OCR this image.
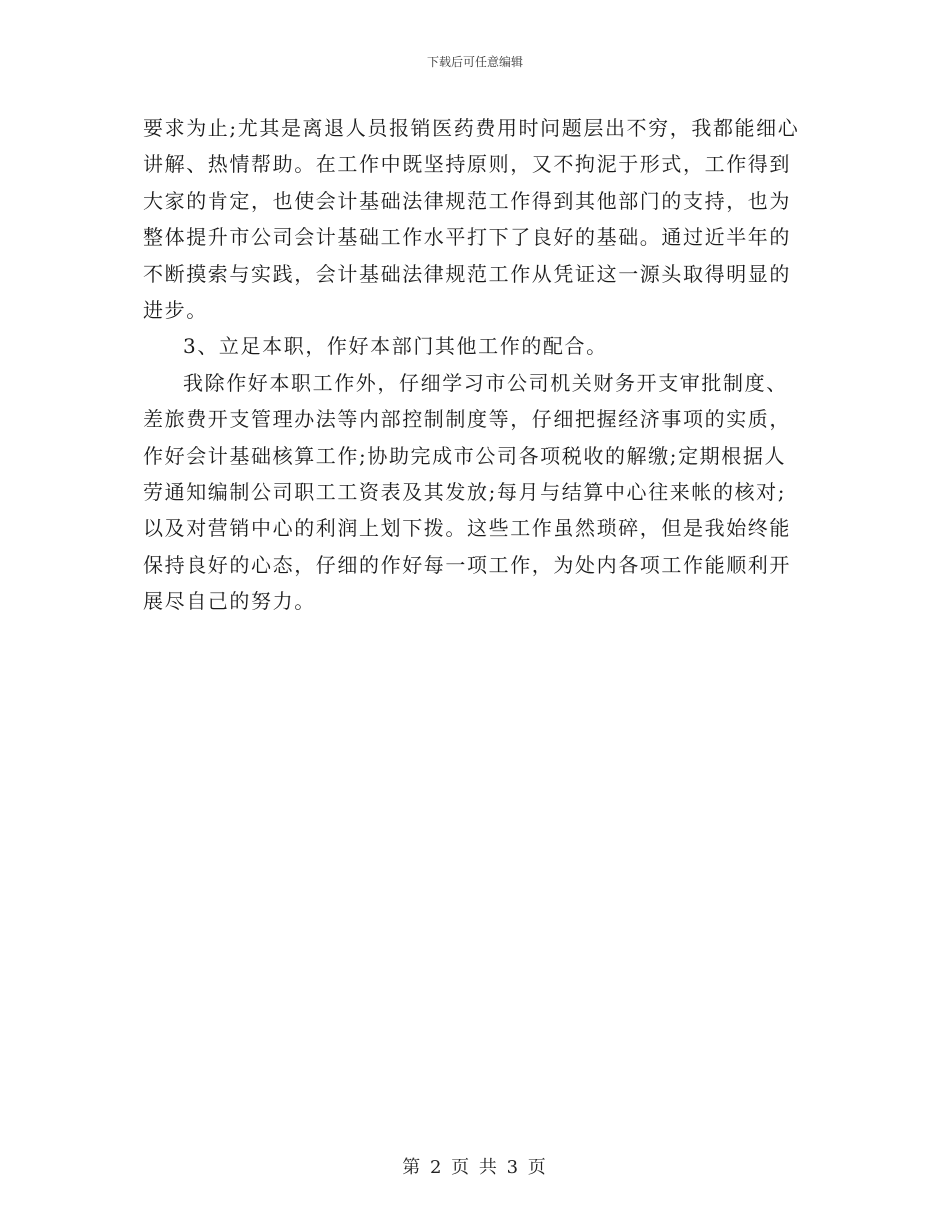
下载后可任意编辑
要求为止;尤其是离退人员报销医药费用时问题层出不穷，我都能细心
讲解、热情帮助。在工作中既坚持原则，又不拘泥于形式，工作得到
大家的肯定，也使会计基础法律规范工作得到其他部门的支持，也为
整体提升市公司会计基础工作水平打下了良好的基础。通过近半年的
不断摸索与实践，会计基础法律规范工作从凭证这一源头取得明显的
进步。
3、立足本职，作好本部门其他工作的配合。
我除作好本职工作外，仔细学习市公司机关财务开支审批制度、
差旅费开支管理办法等内部控制制度等，仔细把握经济事项的实质，
作好会计基础核算工作;协助完成市公司各项税收的解缴;定期根据人
劳通知编制公司职工工资表及其发放;每月与结算中心往来帐的核对;
以及对营销中心的利润上划下拨。这些工作虽然琐碎，但是我始终能
保持良好的心态，仔细的作好每一项工作，为处内各项工作能顺利开
展尽自己的努力。
第 2 页 共 3 页
